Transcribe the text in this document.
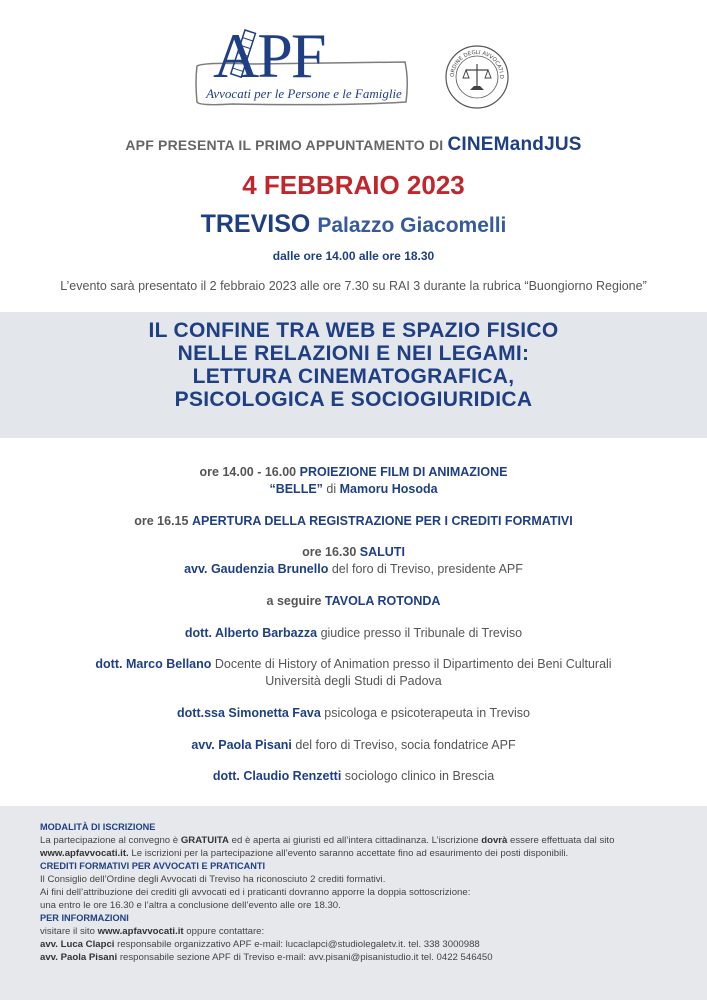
APF
Avvocati per le Persone e le Famiglie
ORDINE DEGLI AVVOCATI D
APF PRESENTA IL PRIMO APPUNTAMENTO DI CINEMandJUS
4 FEBBRAIO 2023
TREVISO Palazzo Giacomelli
dalle ore 14.00 alle ore 18.30
L’evento sarà presentato il 2 febbraio 2023 alle ore 7.30 su RAI 3 durante la rubrica “Buongiorno Regione”
IL CONFINE TRA WEB E SPAZIO FISICO
NELLE RELAZIONI E NEI LEGAMI:
LETTURA CINEMATOGRAFICA,
PSICOLOGICA E SOCIOGIURIDICA
ore 14.00 - 16.00 PROIEZIONE FILM DI ANIMAZIONE
“BELLE” di Mamoru Hosoda
ore 16.15 APERTURA DELLA REGISTRAZIONE PER I CREDITI FORMATIVI
ore 16.30 SALUTI
avv. Gaudenzia Brunello del foro di Treviso, presidente APF
a seguire TAVOLA ROTONDA
dott. Alberto Barbazza giudice presso il Tribunale di Treviso
dott. Marco Bellano Docente di History of Animation presso il Dipartimento dei Beni Culturali
Università degli Studi di Padova
dott.ssa Simonetta Fava psicologa e psicoterapeuta in Treviso
avv. Paola Pisani del foro di Treviso, socia fondatrice APF
dott. Claudio Renzetti sociologo clinico in Brescia
MODALITÀ DI ISCRIZIONE
La partecipazione al convegno è GRATUITA ed è aperta ai giuristi ed all’intera cittadinanza. L’iscrizione dovrà essere effettuata dal sito
www.apfavvocati.it. Le iscrizioni per la partecipazione all’evento saranno accettate fino ad esaurimento dei posti disponibili.
CREDITI FORMATIVI PER AVVOCATI E PRATICANTI
Il Consiglio dell’Ordine degli Avvocati di Treviso ha riconosciuto 2 crediti formativi.
Ai fini dell’attribuzione dei crediti gli avvocati ed i praticanti dovranno apporre la doppia sottoscrizione:
una entro le ore 16.30 e l’altra a conclusione dell’evento alle ore 18.30.
PER INFORMAZIONI
visitare il sito www.apfavvocati.it oppure contattare:
avv. Luca Clapci responsabile organizzativo APF e-mail: lucaclapci@studiolegaletv.it. tel. 338 3000988
avv. Paola Pisani responsabile sezione APF di Treviso e-mail: avv.pisani@pisanistudio.it tel. 0422 546450
